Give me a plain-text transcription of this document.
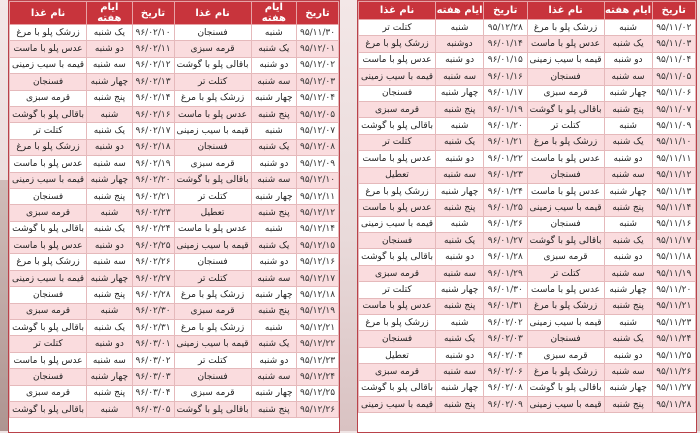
تاریخ	ایام هفته	نام غذا	تاریخ	ایام هفته	نام غذا
۹۵/۱۱/۰۲	شنبه	زرشک پلو با مرغ	۹۵/۱۲/۲۸	شنبه	کتلت تر
۹۵/۱۱/۰۳	یک شنبه	عدس پلو با ماست	۹۶/۰۱/۱۴	دوشنبه	زرشک پلو با مرغ
۹۵/۱۱/۰۴	دو شنبه	قیمه با سیب زمینی	۹۶/۰۱/۱۵	دو شنبه	عدس پلو با ماست
۹۵/۱۱/۰۵	سه شنبه	فسنجان	۹۶/۰۱/۱۶	سه شنبه	قیمه با سیب زمینی
۹۵/۱۱/۰۶	چهار شنبه	قرمه سبزی	۹۶/۰۱/۱۷	چهار شنبه	فسنجان
۹۵/۱۱/۰۷	پنج شنبه	باقالی پلو با گوشت	۹۶/۰۱/۱۹	پنج شنبه	قرمه سبزی
۹۵/۱۱/۰۹	شنبه	کتلت تر	۹۶/۰۱/۲۰	شنبه	باقالی پلو با گوشت
۹۵/۱۱/۱۰	یک شنبه	زرشک پلو با مرغ	۹۶/۰۱/۲۱	یک شنبه	کتلت تر
۹۵/۱۱/۱۱	دو شنبه	عدس پلو با ماست	۹۶/۰۱/۲۲	دو شنبه	عدس پلو با ماست
۹۵/۱۱/۱۲	سه شنبه	فسنجان	۹۶/۰۱/۲۳	سه شنبه	تعطیل
۹۵/۱۱/۱۳	چهار شنبه	عدس پلو با ماست	۹۶/۰۱/۲۴	چهار شنبه	زرشک پلو با مرغ
۹۵/۱۱/۱۴	پنج شنبه	قیمه با سیب زمینی	۹۶/۰۱/۲۵	پنج شنبه	عدس پلو با ماست
۹۵/۱۱/۱۶	شنبه	فسنجان	۹۶/۰۱/۲۶	شنبه	قیمه با سیب زمینی
۹۵/۱۱/۱۷	یک شنبه	باقالی پلو با گوشت	۹۶/۰۱/۲۷	یک شنبه	فسنجان
۹۵/۱۱/۱۸	دو شنبه	قرمه سبزی	۹۶/۰۱/۲۸	دو شنبه	باقالی پلو با گوشت
۹۵/۱۱/۱۹	سه شنبه	کتلت تر	۹۶/۰۱/۲۹	سه شنبه	قرمه سبزی
۹۵/۱۱/۲۰	چهار شنبه	عدس پلو با ماست	۹۶/۰۱/۳۰	چهار شنبه	کتلت تر
۹۵/۱۱/۲۱	پنج شنبه	زرشک پلو با مرغ	۹۶/۰۱/۳۱	پنج شنبه	عدس پلو با ماست
۹۵/۱۱/۲۳	شنبه	قیمه با سیب زمینی	۹۶/۰۲/۰۲	شنبه	زرشک پلو با مرغ
۹۵/۱۱/۲۴	یک شنبه	فسنجان	۹۶/۰۲/۰۳	یک شنبه	فسنجان
۹۵/۱۱/۲۵	دو شنبه	قرمه سبزی	۹۶/۰۲/۰۴	دو شنبه	تعطیل
۹۵/۱۱/۲۶	سه شنبه	زرشک پلو با مرغ	۹۶/۰۲/۰۶	سه شنبه	قرمه سبزی
۹۵/۱۱/۲۷	چهار شنبه	باقالی پلو با گوشت	۹۶/۰۲/۰۸	چهار شنبه	باقالی پلو با گوشت
۹۵/۱۱/۲۸	پنج شنبه	قیمه با سیب زمینی	۹۶/۰۲/۰۹	پنج شنبه	قیمه با سیب زمینی
تاریخ	ایام هفته	نام غذا	تاریخ	ایام هفته	نام غذا
۹۵/۱۱/۳۰	شنبه	فسنجان	۹۶/۰۲/۱۰	یک شنبه	زرشک پلو با مرغ
۹۵/۱۲/۰۱	یک شنبه	قرمه سبزی	۹۶/۰۲/۱۱	دو شنبه	عدس پلو با ماست
۹۵/۱۲/۰۲	دو شنبه	باقالی پلو با گوشت	۹۶/۰۲/۱۲	سه شنبه	قیمه با سیب زمینی
۹۵/۱۲/۰۳	سه شنبه	کتلت تر	۹۶/۰۲/۱۳	چهار شنبه	فسنجان
۹۵/۱۲/۰۴	چهار شنبه	زرشک پلو با مرغ	۹۶/۰۲/۱۴	پنج شنبه	قرمه سبزی
۹۵/۱۲/۰۵	پنج شنبه	عدس پلو با ماست	۹۶/۰۲/۱۶	شنبه	باقالی پلو با گوشت
۹۵/۱۲/۰۷	شنبه	قیمه با سیب زمینی	۹۶/۰۲/۱۷	یک شنبه	کتلت تر
۹۵/۱۲/۰۸	یک شنبه	فسنجان	۹۶/۰۲/۱۸	دو شنبه	زرشک پلو با مرغ
۹۵/۱۲/۰۹	دو شنبه	قرمه سبزی	۹۶/۰۲/۱۹	سه شنبه	عدس پلو با ماست
۹۵/۱۲/۱۰	سه شنبه	باقالی پلو با گوشت	۹۶/۰۲/۲۰	چهار شنبه	قیمه با سیب زمینی
۹۵/۱۲/۱۱	چهار شنبه	کتلت تر	۹۶/۰۲/۲۱	پنج شنبه	فسنجان
۹۵/۱۲/۱۲	پنج شنبه	تعطیل	۹۶/۰۲/۲۳	شنبه	قرمه سبزی
۹۵/۱۲/۱۴	شنبه	عدس پلو با ماست	۹۶/۰۲/۲۴	یک شنبه	باقالی پلو با گوشت
۹۵/۱۲/۱۵	یک شنبه	قیمه با سیب زمینی	۹۶/۰۲/۲۵	دو شنبه	عدس پلو با ماست
۹۵/۱۲/۱۶	دو شنبه	فسنجان	۹۶/۰۲/۲۶	سه شنبه	زرشک پلو با مرغ
۹۵/۱۲/۱۷	سه شنبه	کتلت تر	۹۶/۰۲/۲۷	چهار شنبه	قیمه با سیب زمینی
۹۵/۱۲/۱۸	چهار شنبه	زرشک پلو با مرغ	۹۶/۰۲/۲۸	پنج شنبه	فسنجان
۹۵/۱۲/۱۹	پنج شنبه	قرمه سبزی	۹۶/۰۲/۳۰	شنبه	قرمه سبزی
۹۵/۱۲/۲۱	شنبه	زرشک پلو با مرغ	۹۶/۰۲/۳۱	یک شنبه	باقالی پلو با گوشت
۹۵/۱۲/۲۲	یک شنبه	قیمه با سیب زمینی	۹۶/۰۳/۰۱	دو شنبه	کتلت تر
۹۵/۱۲/۲۳	دو شنبه	کتلت تر	۹۶/۰۳/۰۲	سه شنبه	عدس پلو با ماست
۹۵/۱۲/۲۴	سه شنبه	فسنجان	۹۶/۰۳/۰۳	چهار شنبه	فسنجان
۹۵/۱۲/۲۵	چهار شنبه	قرمه سبزی	۹۶/۰۳/۰۴	پنج شنبه	قرمه سبزی
۹۵/۱۲/۲۶	پنج شنبه	باقالی پلو با گوشت	۹۶/۰۳/۰۵	شنبه	باقالی پلو با گوشت
